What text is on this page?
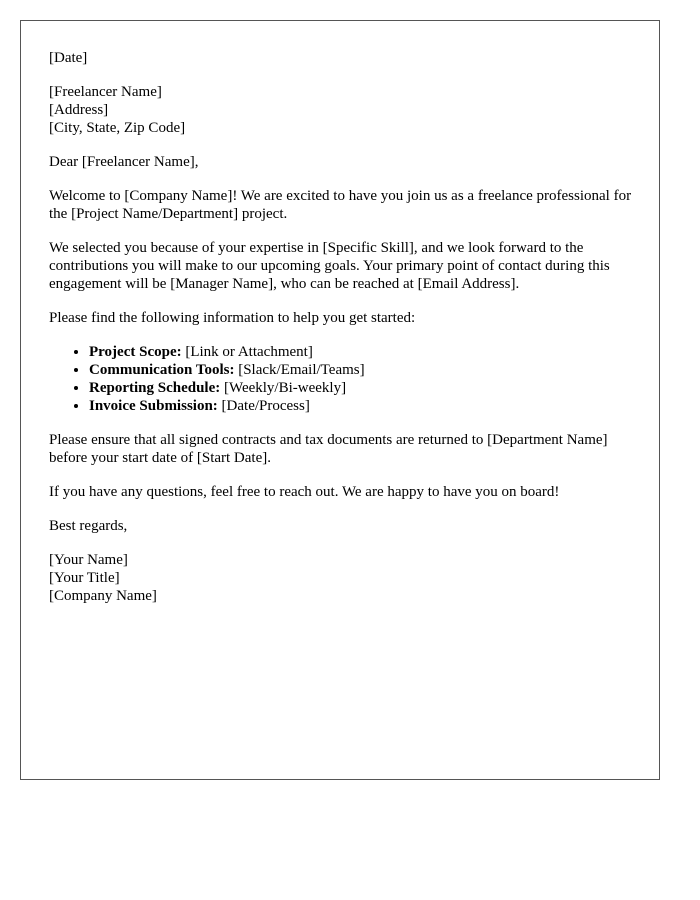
[Date]

[Freelancer Name]
[Address]
[City, State, Zip Code]

Dear [Freelancer Name],

Welcome to [Company Name]! We are excited to have you join us as a freelance professional for the [Project Name/Department] project.

We selected you because of your expertise in [Specific Skill], and we look forward to the contributions you will make to our upcoming goals. Your primary point of contact during this engagement will be [Manager Name], who can be reached at [Email Address].

Please find the following information to help you get started:

• Project Scope: [Link or Attachment]
• Communication Tools: [Slack/Email/Teams]
• Reporting Schedule: [Weekly/Bi-weekly]
• Invoice Submission: [Date/Process]

Please ensure that all signed contracts and tax documents are returned to [Department Name] before your start date of [Start Date].

If you have any questions, feel free to reach out. We are happy to have you on board!

Best regards,

[Your Name]
[Your Title]
[Company Name]
